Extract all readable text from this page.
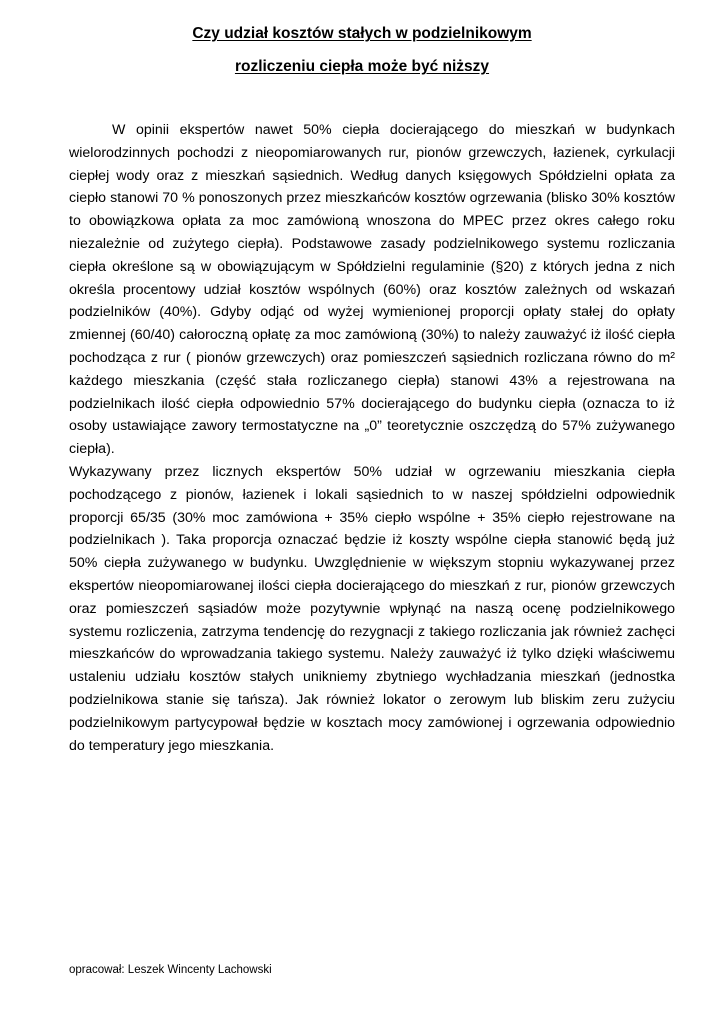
Czy udział kosztów stałych w podzielnikowym
rozliczeniu ciepła może być niższy

W opinii ekspertów nawet 50% ciepła docierającego do mieszkań w budynkach wielorodzinnych pochodzi z nieopomiarowanych rur, pionów grzewczych, łazienek, cyrkulacji ciepłej wody oraz z mieszkań sąsiednich. Według danych księgowych Spółdzielni opłata za ciepło stanowi 70 % ponoszonych przez mieszkańców kosztów ogrzewania (blisko 30% kosztów to obowiązkowa opłata za moc zamówioną wnoszona do MPEC przez okres całego roku niezależnie od zużytego ciepła). Podstawowe zasady podzielnikowego systemu rozliczania ciepła określone są w obowiązującym w Spółdzielni regulaminie (§20) z których jedna z nich określa procentowy udział kosztów wspólnych (60%) oraz kosztów zależnych od wskazań podzielników (40%). Gdyby odjąć od wyżej wymienionej proporcji opłaty stałej do opłaty zmiennej (60/40) całoroczną opłatę za moc zamówioną (30%) to należy zauważyć iż ilość ciepła pochodząca z rur ( pionów grzewczych) oraz pomieszczeń sąsiednich rozliczana równo do m² każdego mieszkania (część stała rozliczanego ciepła) stanowi 43% a rejestrowana na podzielnikach ilość ciepła odpowiednio 57% docierającego do budynku ciepła (oznacza to iż osoby ustawiające zawory termostatyczne na „0” teoretycznie oszczędzą do 57% zużywanego ciepła).

Wykazywany przez licznych ekspertów 50% udział w ogrzewaniu mieszkania ciepła pochodzącego z pionów, łazienek i lokali sąsiednich to w naszej spółdzielni odpowiednik proporcji 65/35 (30% moc zamówiona + 35% ciepło wspólne + 35% ciepło rejestrowane na podzielnikach ). Taka proporcja oznaczać będzie iż koszty wspólne ciepła stanowić będą już 50% ciepła zużywanego w budynku. Uwzględnienie w większym stopniu wykazywanej przez ekspertów nieopomiarowanej ilości ciepła docierającego do mieszkań z rur, pionów grzewczych oraz pomieszczeń sąsiadów może pozytywnie wpłynąć na naszą ocenę podzielnikowego systemu rozliczenia, zatrzyma tendencję do rezygnacji z takiego rozliczania jak również zachęci mieszkańców do wprowadzania takiego systemu. Należy zauważyć iż tylko dzięki właściwemu ustaleniu udziału kosztów stałych unikniemy zbytniego wychładzania mieszkań (jednostka podzielnikowa stanie się tańsza). Jak również lokator o zerowym lub bliskim zeru zużyciu podzielnikowym partycypował będzie w kosztach mocy zamówionej i ogrzewania odpowiednio do temperatury jego mieszkania.

opracował: Leszek Wincenty Lachowski
